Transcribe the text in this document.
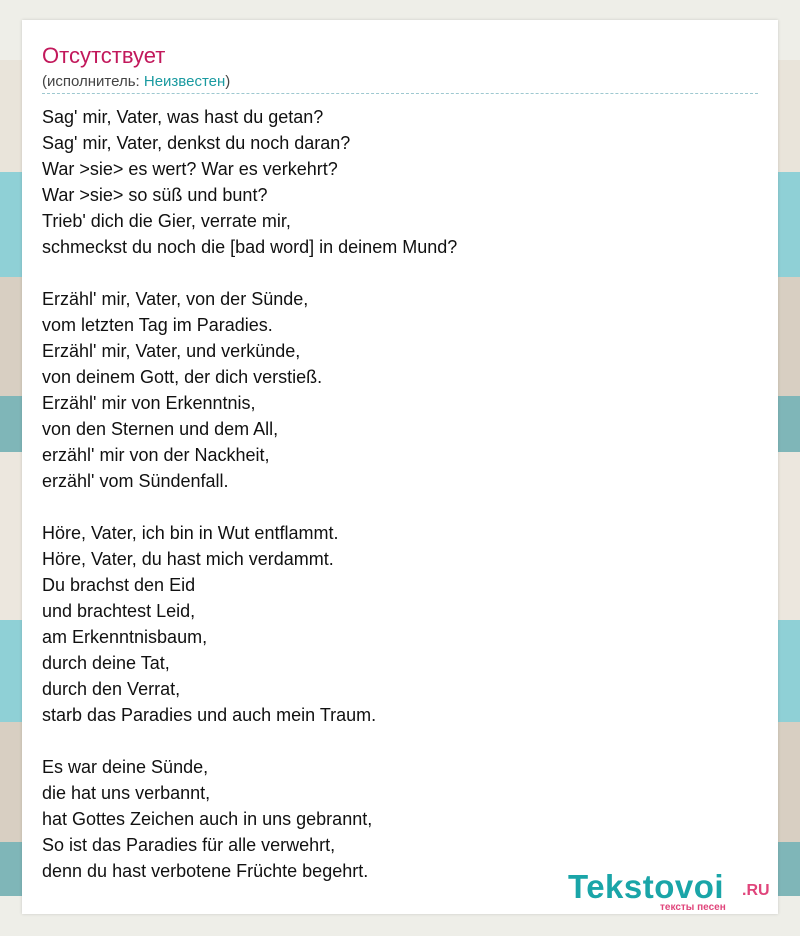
Отсутствует
(исполнитель: Неизвестен)
Sag' mir, Vater, was hast du getan?
Sag' mir, Vater, denkst du noch daran?
War >sie> es wert? War es verkehrt?
War >sie> so süß und bunt?
Trieb' dich die Gier, verrate mir,
schmeckst du noch die [bad word] in deinem Mund?
Erzähl' mir, Vater, von der Sünde,
vom letzten Tag im Paradies.
Erzähl' mir, Vater, und verkünde,
von deinem Gott, der dich verstieß.
Erzähl' mir von Erkenntnis,
von den Sternen und dem All,
erzähl' mir von der Nackheit,
erzähl' vom Sündenfall.
Höre, Vater, ich bin in Wut entflammt.
Höre, Vater, du hast mich verdammt.
Du brachst den Eid
und brachtest Leid,
am Erkenntnisbaum,
durch deine Tat,
durch den Verrat,
starb das Paradies und auch mein Traum.
Es war deine Sünde,
die hat uns verbannt,
hat Gottes Zeichen auch in uns gebrannt,
So ist das Paradies für alle verwehrt,
denn du hast verbotene Früchte begehrt.	Tekstovoi .RU
тексты песен
